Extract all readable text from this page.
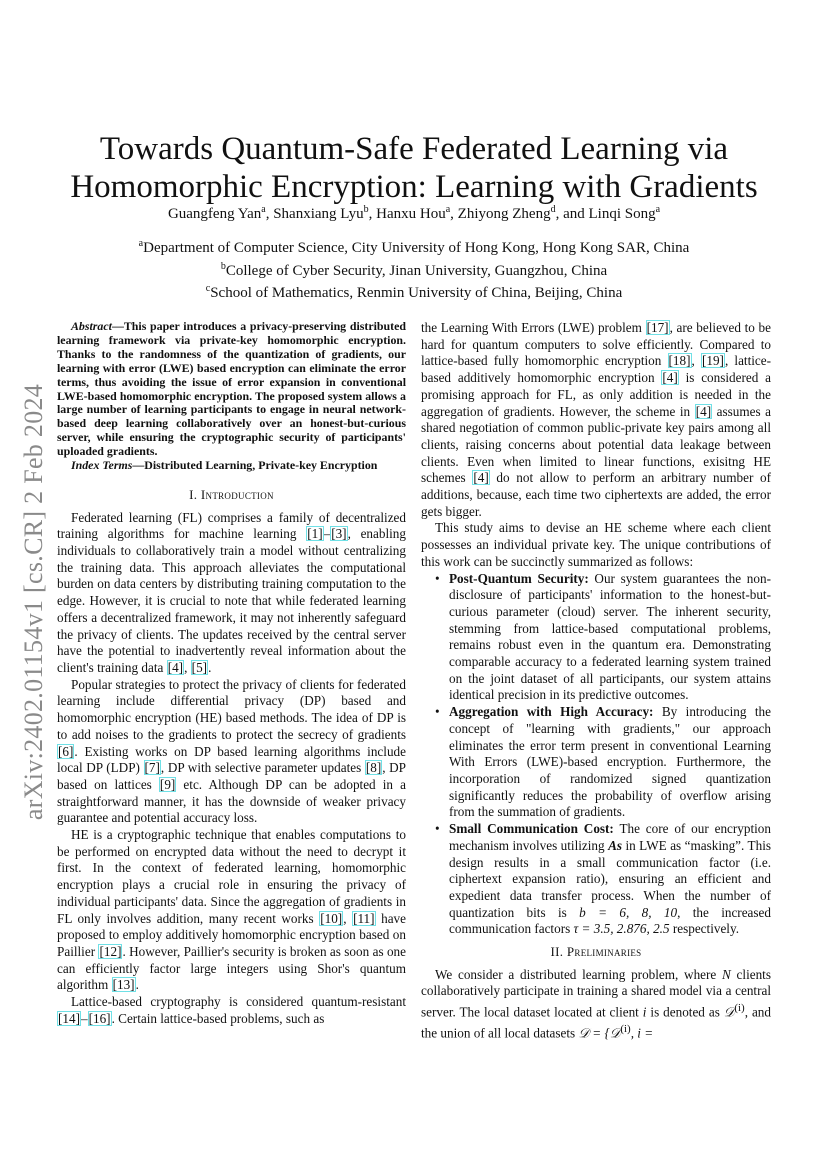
arXiv:2402.01154v1 [cs.CR] 2 Feb 2024
Towards Quantum-Safe Federated Learning via
Homomorphic Encryption: Learning with Gradients
Guangfeng Yan$^a$, Shanxiang Lyu$^b$, Hanxu Hou$^a$, Zhiyong Zheng$^d$, and Linqi Song$^a$
$^a$Department of Computer Science, City University of Hong Kong, Hong Kong SAR, China
$^b$College of Cyber Security, Jinan University, Guangzhou, China
$^c$School of Mathematics, Renmin University of China, Beijing, China

Abstract—This paper introduces a privacy-preserving distributed learning framework via private-key homomorphic encryption. Thanks to the randomness of the quantization of gradients, our learning with error (LWE) based encryption can eliminate the error terms, thus avoiding the issue of error expansion in conventional LWE-based homomorphic encryption. The proposed system allows a large number of learning participants to engage in neural network-based deep learning collaboratively over an honest-but-curious server, while ensuring the cryptographic security of participants' uploaded gradients.

Index Terms—Distributed Learning, Private-key Encryption

I. Introduction

Federated learning (FL) comprises a family of decentralized training algorithms for machine learning [1]–[3], enabling individuals to collaboratively train a model without centralizing the training data. This approach alleviates the computational burden on data centers by distributing training computation to the edge. However, it is crucial to note that while federated learning offers a decentralized framework, it may not inherently safeguard the privacy of clients. The updates received by the central server have the potential to inadvertently reveal information about the client's training data [4], [5].

Popular strategies to protect the privacy of clients for federated learning include differential privacy (DP) based and homomorphic encryption (HE) based methods. The idea of DP is to add noises to the gradients to protect the secrecy of gradients [6]. Existing works on DP based learning algorithms include local DP (LDP) [7], DP with selective parameter updates [8], DP based on lattices [9] etc. Although DP can be adopted in a straightforward manner, it has the downside of weaker privacy guarantee and potential accuracy loss.

HE is a cryptographic technique that enables computations to be performed on encrypted data without the need to decrypt it first. In the context of federated learning, homomorphic encryption plays a crucial role in ensuring the privacy of individual participants' data. Since the aggregation of gradients in FL only involves addition, many recent works [10], [11] have proposed to employ additively homomorphic encryption based on Paillier [12]. However, Paillier's security is broken as soon as one can efficiently factor large integers using Shor's quantum algorithm [13].

Lattice-based cryptography is considered quantum-resistant [14]–[16]. Certain lattice-based problems, such as

the Learning With Errors (LWE) problem [17], are believed to be hard for quantum computers to solve efficiently. Compared to lattice-based fully homomorphic encryption [18], [19], lattice-based additively homomorphic encryption [4] is considered a promising approach for FL, as only addition is needed in the aggregation of gradients. However, the scheme in [4] assumes a shared negotiation of common public-private key pairs among all clients, raising concerns about potential data leakage between clients. Even when limited to linear functions, exisitng HE schemes [4] do not allow to perform an arbitrary number of additions, because, each time two ciphertexts are added, the error gets bigger.

This study aims to devise an HE scheme where each client possesses an individual private key. The unique contributions of this work can be succinctly summarized as follows:

• Post-Quantum Security: Our system guarantees the non-disclosure of participants' information to the honest-but-curious parameter (cloud) server. The inherent security, stemming from lattice-based computational problems, remains robust even in the quantum era. Demonstrating comparable accuracy to a federated learning system trained on the joint dataset of all participants, our system attains identical precision in its predictive outcomes.
• Aggregation with High Accuracy: By introducing the concept of "learning with gradients," our approach eliminates the error term present in conventional Learning With Errors (LWE)-based encryption. Furthermore, the incorporation of randomized signed quantization significantly reduces the probability of overflow arising from the summation of gradients.
• Small Communication Cost: The core of our encryption mechanism involves utilizing As in LWE as “masking”. This design results in a small communication factor (i.e. ciphertext expansion ratio), ensuring an efficient and expedient data transfer process. When the number of quantization bits is b = 6, 8, 10, the increased communication factors τ = 3.5, 2.876, 2.5 respectively.

II. Preliminaries

We consider a distributed learning problem, where N clients collaboratively participate in training a shared model via a central server. The local dataset located at client i is denoted as 𝒟$^{(i)}$, and the union of all local datasets 𝒟 = {𝒟$^{(i)}$, i =
